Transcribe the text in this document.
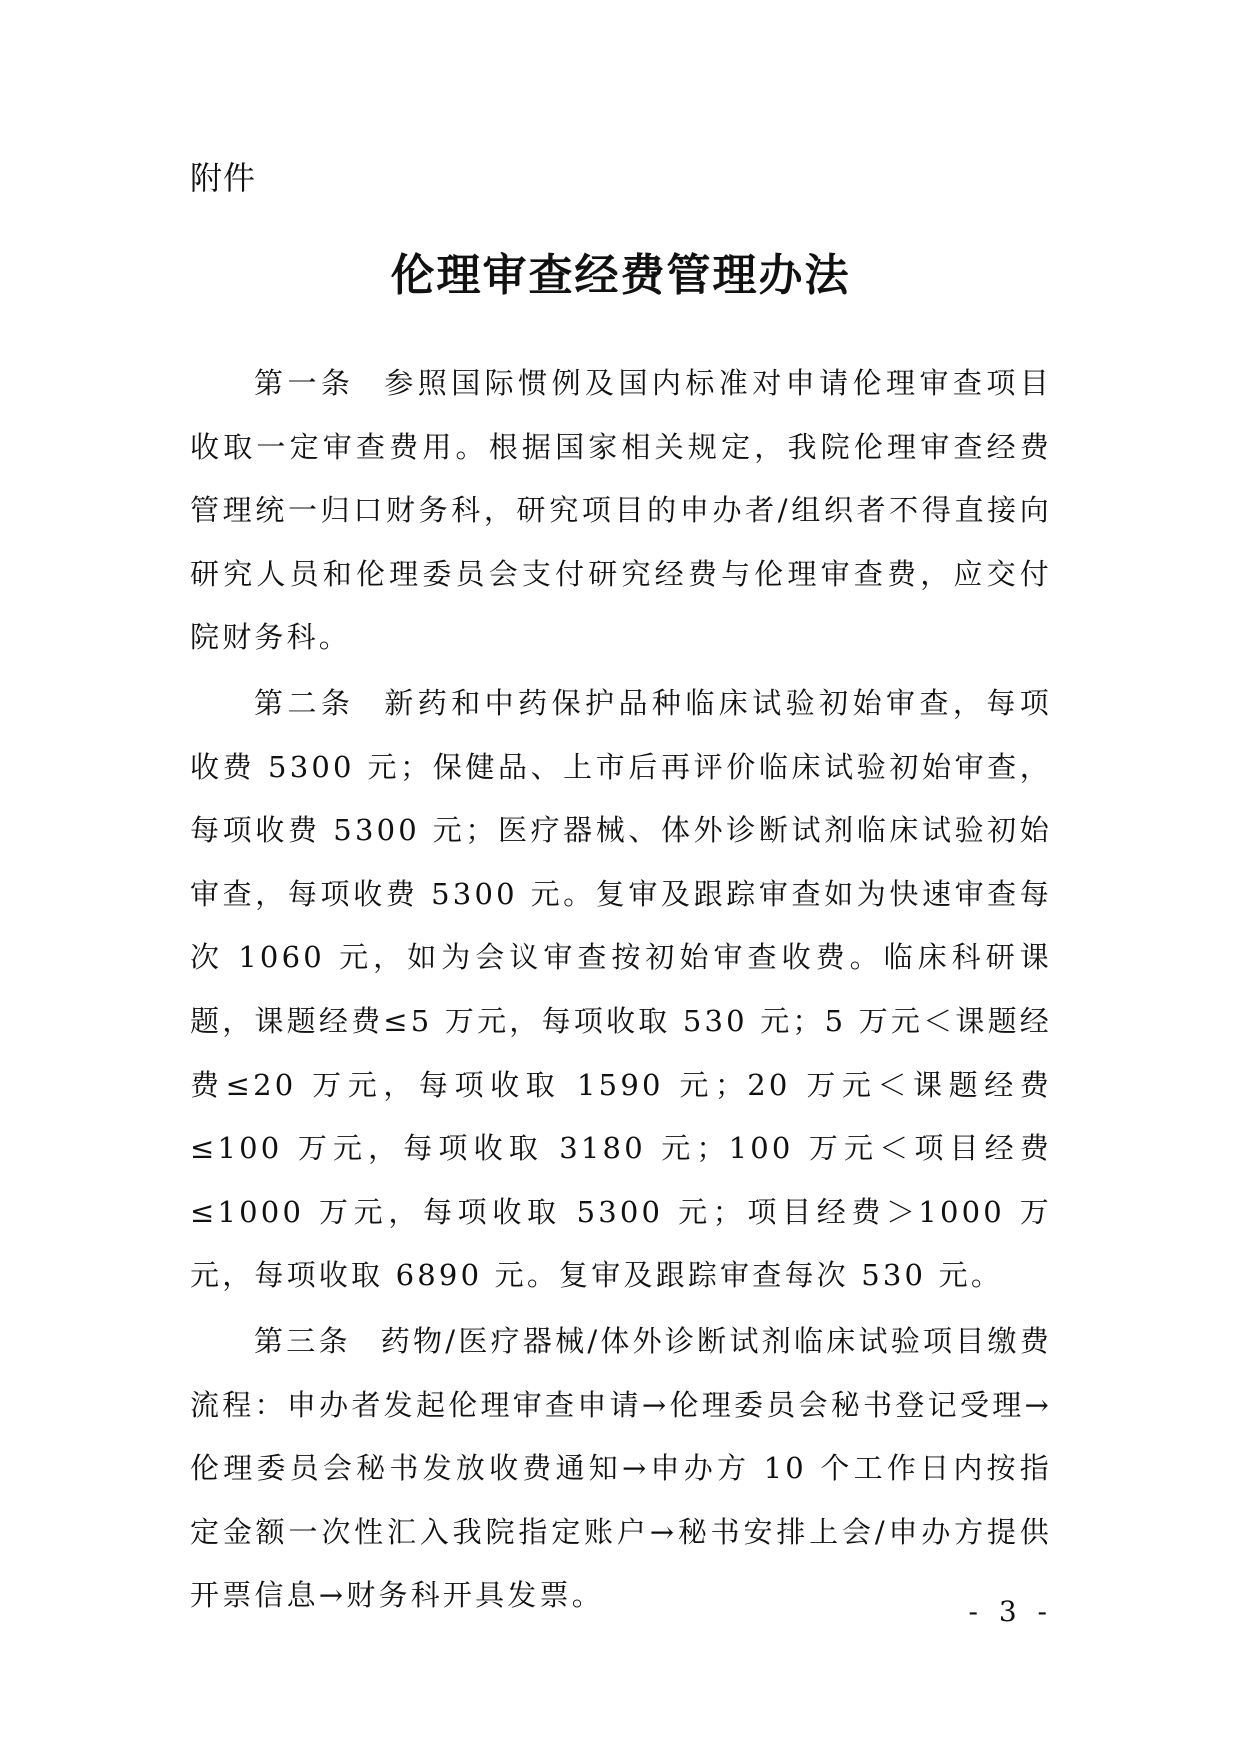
附件
伦理审查经费管理办法

第一条 参照国际惯例及国内标准对申请伦理审查项目收取一定审查费用。根据国家相关规定，我院伦理审查经费管理统一归口财务科，研究项目的申办者/组织者不得直接向研究人员和伦理委员会支付研究经费与伦理审查费，应交付院财务科。

第二条 新药和中药保护品种临床试验初始审查，每项收费 5300 元；保健品、上市后再评价临床试验初始审查，每项收费 5300 元；医疗器械、体外诊断试剂临床试验初始审查，每项收费 5300 元。复审及跟踪审查如为快速审查每次 1060 元，如为会议审查按初始审查收费。临床科研课题，课题经费≤5 万元，每项收取 530 元；5 万元＜课题经费≤20 万元，每项收取 1590 元；20 万元＜课题经费≤100 万元，每项收取 3180 元；100 万元＜项目经费≤1000 万元，每项收取 5300 元；项目经费＞1000 万元，每项收取 6890 元。复审及跟踪审查每次 530 元。

第三条 药物/医疗器械/体外诊断试剂临床试验项目缴费流程：申办者发起伦理审查申请→伦理委员会秘书登记受理→伦理委员会秘书发放收费通知→申办方 10 个工作日内按指定金额一次性汇入我院指定账户→秘书安排上会/申办方提供开票信息→财务科开具发票。	- 3 -
